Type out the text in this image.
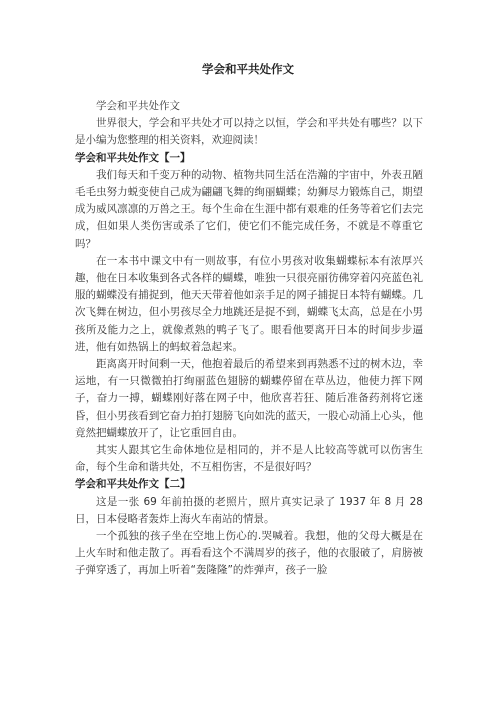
学会和平共处作文

学会和平共处作文

世界很大，学会和平共处才可以持之以恒，学会和平共处有哪些？以下是小编为您整理的相关资料，欢迎阅读！

学会和平共处作文【一】

我们每天和千变万种的动物、植物共同生活在浩瀚的宇宙中，外表丑陋毛毛虫努力蜕变使自己成为翩翩飞舞的绚丽蝴蝶；幼狮尽力锻炼自己，期望成为威风凛凛的万兽之王。每个生命在生涯中都有艰难的任务等着它们去完成，但如果人类伤害或杀了它们，使它们不能完成任务，不就是不尊重它吗？

在一本书中课文中有一则故事，有位小男孩对收集蝴蝶标本有浓厚兴趣，他在日本收集到各式各样的蝴蝶，唯独一只很亮丽彷佛穿着闪亮蓝色礼服的蝴蝶没有捕捉到，他天天带着他如亲手足的网子捕捉日本特有蝴蝶。几次飞舞在树边，但小男孩尽全力地跳还是捉不到，蝴蝶飞太高，总是在小男孩所及能力之上，就像煮熟的鸭子飞了。眼看他要离开日本的时间步步逼进，他有如热锅上的蚂蚁着急起来。

距离离开时间剩一天，他抱着最后的希望来到再熟悉不过的树木边，幸运地，有一只微微拍打绚丽蓝色翅膀的蝴蝶停留在草丛边，他使力挥下网子，奋力一搏，蝴蝶刚好落在网子中，他欣喜若狂、随后准备药剂将它迷昏，但小男孩看到它奋力拍打翅膀飞向如洗的蓝天，一股心动涌上心头，他竟然把蝴蝶放开了，让它重回自由。

其实人跟其它生命体地位是相同的，并不是人比较高等就可以伤害生命，每个生命和谐共处，不互相伤害，不是很好吗？

学会和平共处作文【二】

这是一张 69 年前拍摄的老照片，照片真实记录了 1937 年 8 月 28 日，日本侵略者轰炸上海火车南站的情景。

一个孤独的孩子坐在空地上伤心的.哭喊着。我想，他的父母大概是在上火车时和他走散了。再看看这个不满周岁的孩子，他的衣服破了，肩膀被子弹穿透了，再加上听着“轰隆隆”的炸弹声，孩子一脸
